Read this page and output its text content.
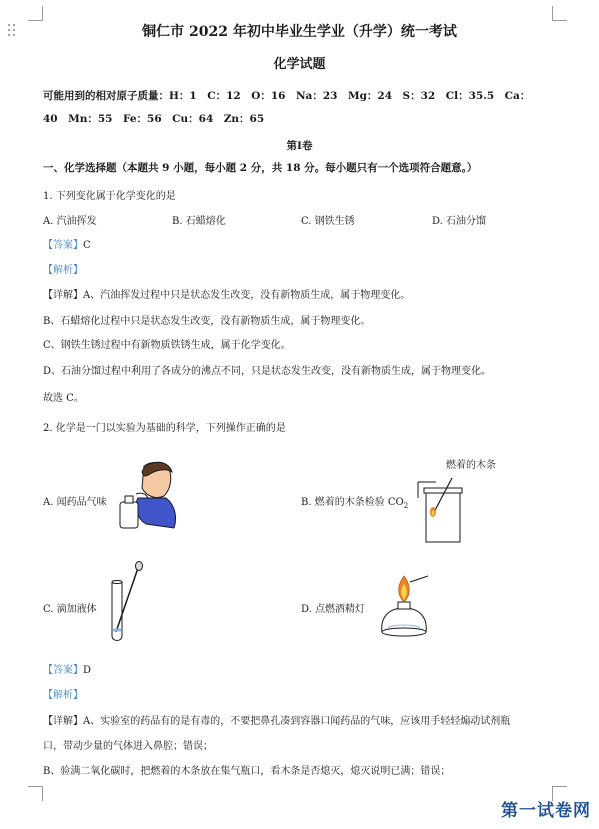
铜仁市 2022 年初中毕业生学业（升学）统一考试
化学试题
可能用到的相对原子质量：H：1　C：12　O：16　Na：23　Mg：24　S：32　Cl：35.5　Ca：
40　Mn：55　Fe：56　Cu：64　Zn：65
第Ⅰ卷
一、化学选择题（本题共 9 小题，每小题 2 分，共 18 分。每小题只有一个选项符合题意。）
1. 下列变化属于化学变化的是
A. 汽油挥发	B. 石蜡熔化	C. 钢铁生锈	D. 石油分馏
【答案】C
【解析】
【详解】A、汽油挥发过程中只是状态发生改变，没有新物质生成，属于物理变化。
B、石蜡熔化过程中只是状态发生改变，没有新物质生成，属于物理变化。
C、钢铁生锈过程中有新物质铁锈生成，属于化学变化。
D、石油分馏过程中利用了各成分的沸点不同，只是状态发生改变，没有新物质生成，属于物理变化。
故选 C。
2. 化学是一门以实验为基础的科学，下列操作正确的是
A. 闻药品气味
燃着的木条
B. 燃着的木条检验 $CO_2$
C. 滴加液体	D. 点燃酒精灯
【答案】D
【解析】
【详解】A、实验室的药品有的是有毒的，不要把鼻孔凑到容器口闻药品的气味，应该用手轻轻煽动试剂瓶
口，带动少量的气体进入鼻腔；错误；
B、验满二氧化碳时，把燃着的木条放在集气瓶口，看木条是否熄灭，熄灭说明已满；错误；
第一试卷网
